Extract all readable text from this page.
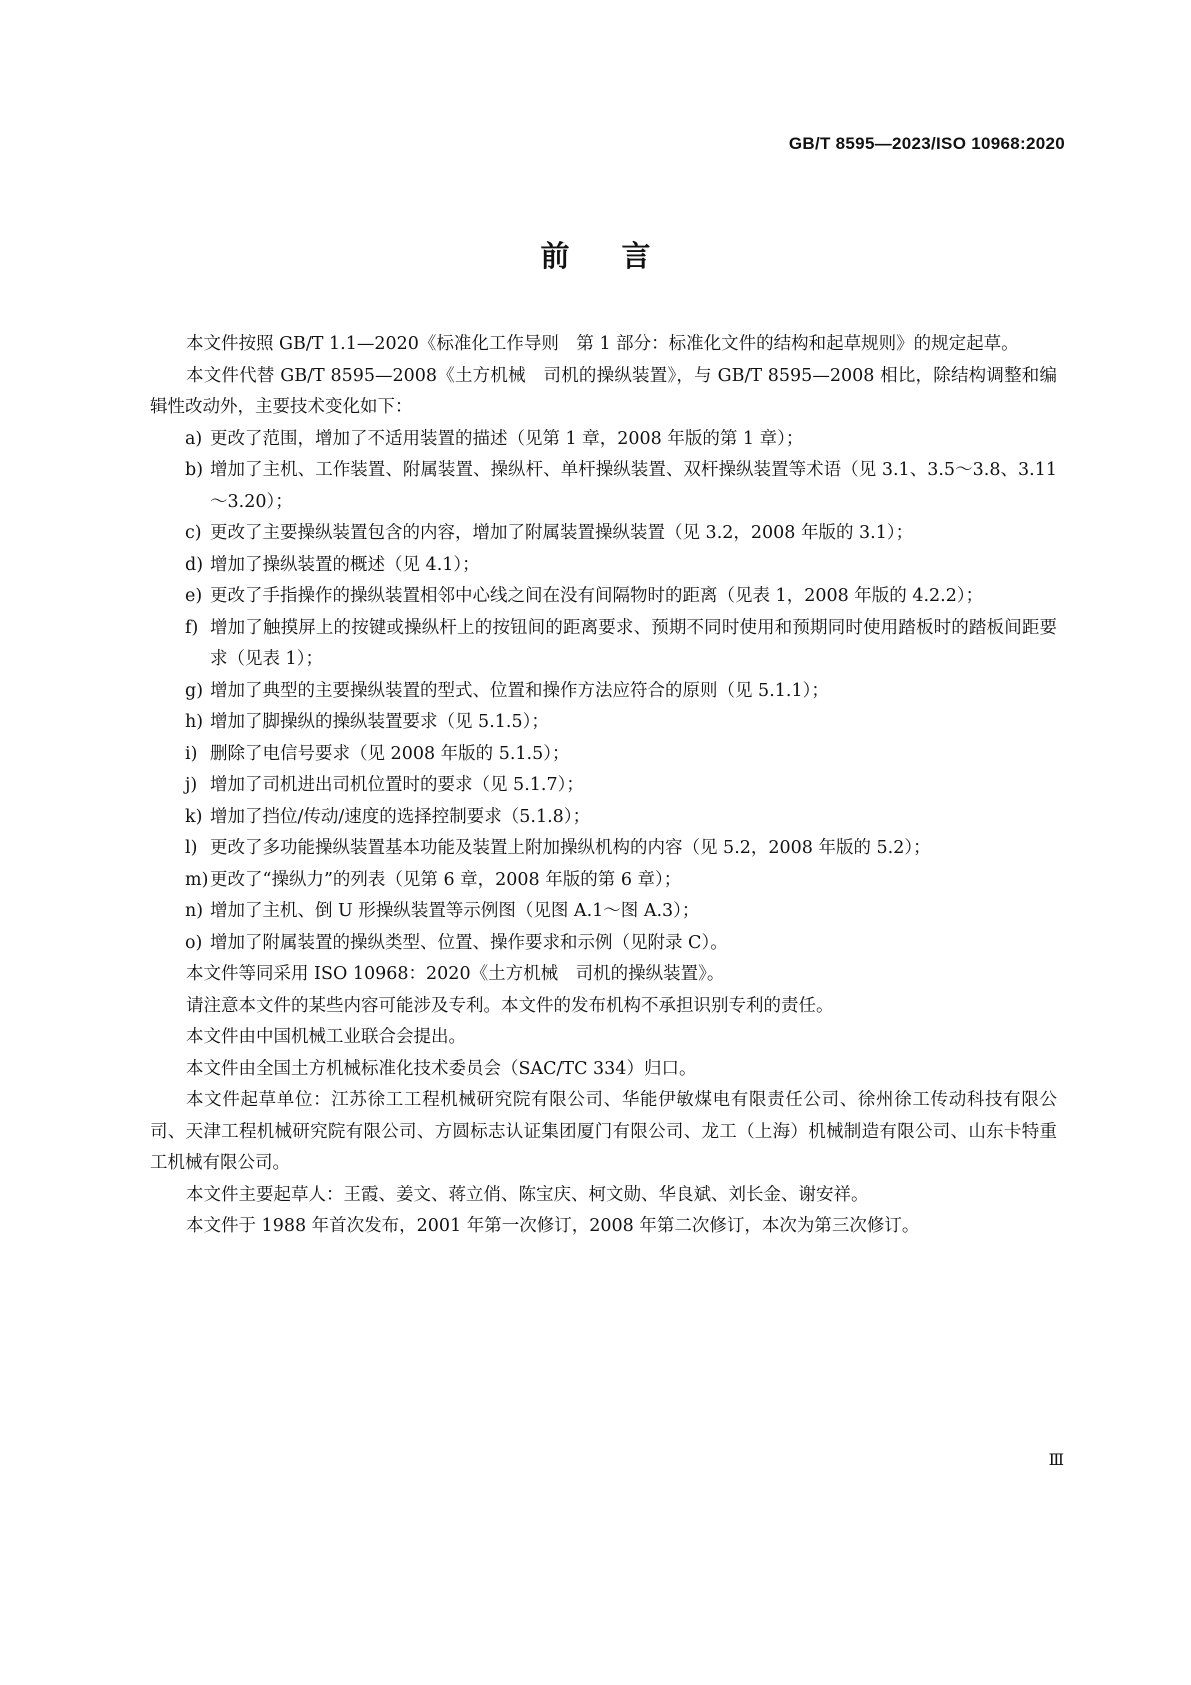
GB/T 8595—2023/ISO 10968:2020
前言

本文件按照 GB/T 1.1—2020《标准化工作导则　第 1 部分：标准化文件的结构和起草规则》的规定起草。

本文件代替 GB/T 8595—2008《土方机械　司机的操纵装置》，与 GB/T 8595—2008 相比，除结构调整和编辑性改动外，主要技术变化如下：

a) 更改了范围，增加了不适用装置的描述（见第 1 章，2008 年版的第 1 章）；

b) 增加了主机、工作装置、附属装置、操纵杆、单杆操纵装置、双杆操纵装置等术语（见 3.1、3.5～3.8、3.11～3.20）；

c) 更改了主要操纵装置包含的内容，增加了附属装置操纵装置（见 3.2，2008 年版的 3.1）；

d) 增加了操纵装置的概述（见 4.1）；

e) 更改了手指操作的操纵装置相邻中心线之间在没有间隔物时的距离（见表 1，2008 年版的 4.2.2）；

f) 增加了触摸屏上的按键或操纵杆上的按钮间的距离要求、预期不同时使用和预期同时使用踏板时的踏板间距要求（见表 1）；

g) 增加了典型的主要操纵装置的型式、位置和操作方法应符合的原则（见 5.1.1）；

h) 增加了脚操纵的操纵装置要求（见 5.1.5）；

i) 删除了电信号要求（见 2008 年版的 5.1.5）；

j) 增加了司机进出司机位置时的要求（见 5.1.7）；

k) 增加了挡位/传动/速度的选择控制要求（5.1.8）；

l) 更改了多功能操纵装置基本功能及装置上附加操纵机构的内容（见 5.2，2008 年版的 5.2）；

m) 更改了“操纵力”的列表（见第 6 章，2008 年版的第 6 章）；

n) 增加了主机、倒 U 形操纵装置等示例图（见图 A.1～图 A.3）；

o) 增加了附属装置的操纵类型、位置、操作要求和示例（见附录 C）。

本文件等同采用 ISO 10968：2020《土方机械　司机的操纵装置》。

请注意本文件的某些内容可能涉及专利。本文件的发布机构不承担识别专利的责任。

本文件由中国机械工业联合会提出。

本文件由全国土方机械标准化技术委员会（SAC/TC 334）归口。

本文件起草单位：江苏徐工工程机械研究院有限公司、华能伊敏煤电有限责任公司、徐州徐工传动科技有限公司、天津工程机械研究院有限公司、方圆标志认证集团厦门有限公司、龙工（上海）机械制造有限公司、山东卡特重工机械有限公司。

本文件主要起草人：王霞、姜文、蒋立俏、陈宝庆、柯文勋、华良斌、刘长金、谢安祥。

本文件于 1988 年首次发布，2001 年第一次修订，2008 年第二次修订，本次为第三次修订。

Ⅲ
